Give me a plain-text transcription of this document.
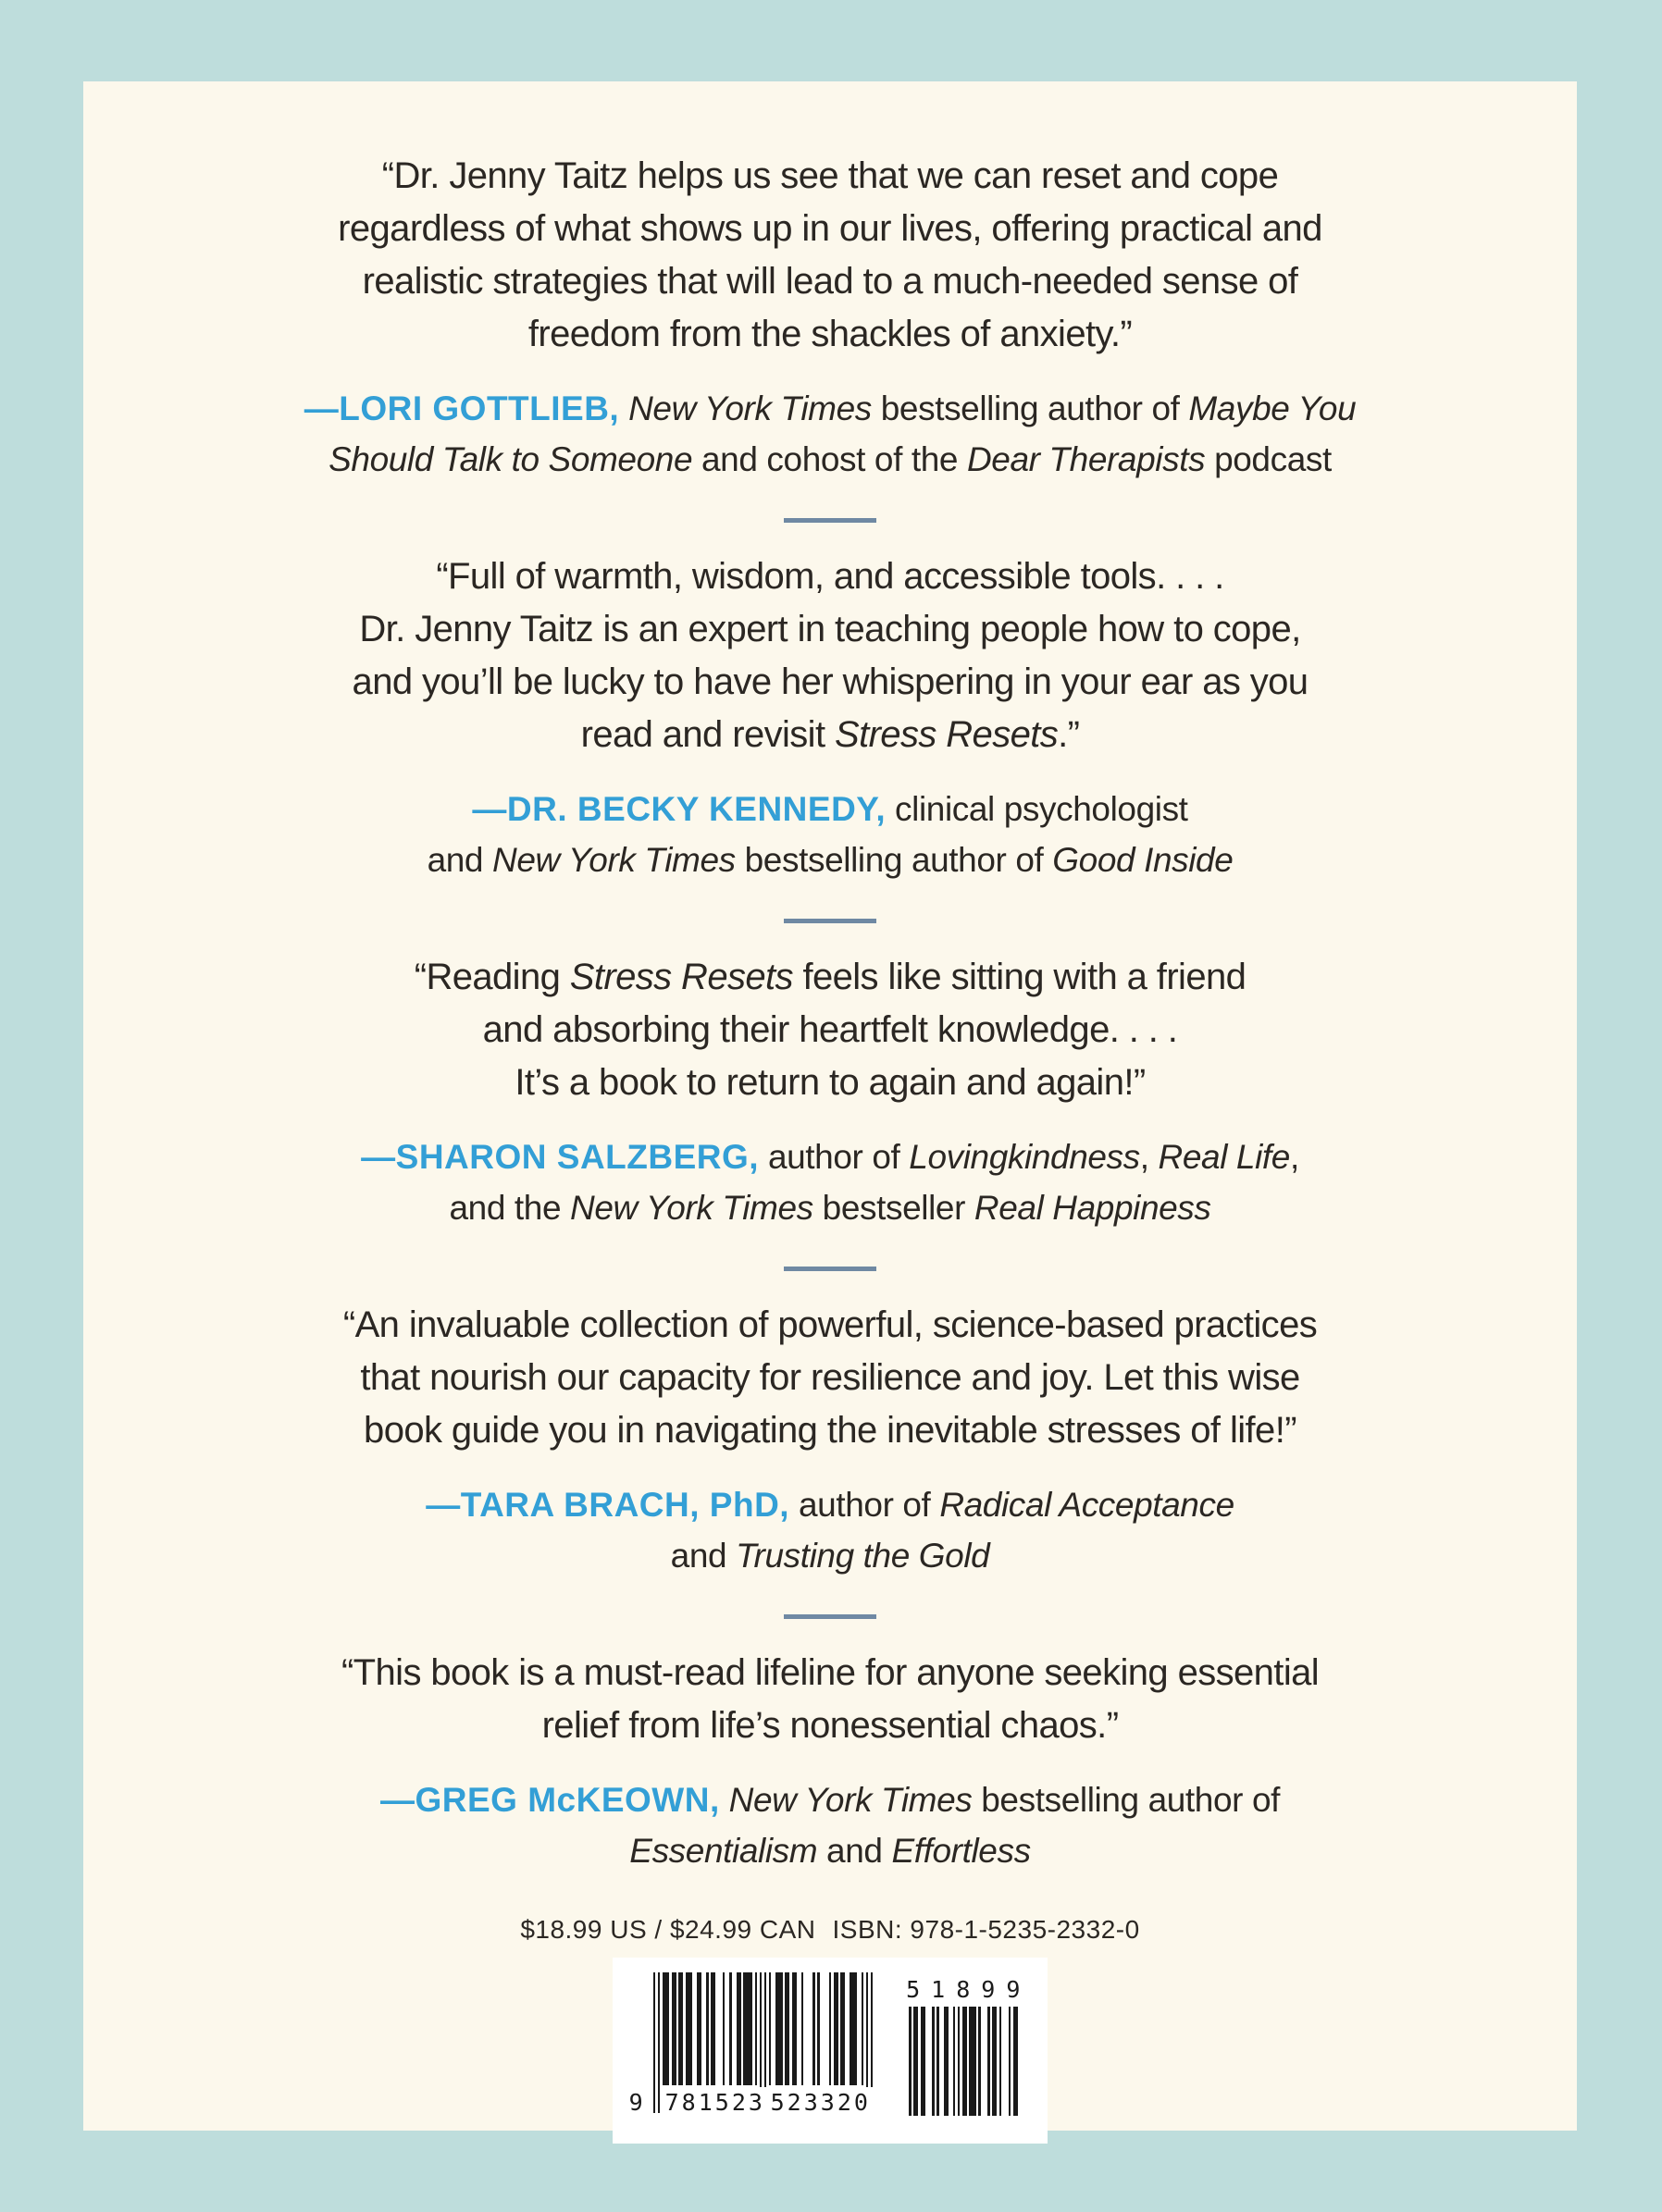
“Dr. Jenny Taitz helps us see that we can reset and cope
regardless of what shows up in our lives, offering practical and
realistic strategies that will lead to a much-needed sense of
freedom from the shackles of anxiety.”
—LORI GOTTLIEB, New York Times bestselling author of Maybe You
Should Talk to Someone and cohost of the Dear Therapists podcast
“Full of warmth, wisdom, and accessible tools. . . .
Dr. Jenny Taitz is an expert in teaching people how to cope,
and you’ll be lucky to have her whispering in your ear as you
read and revisit Stress Resets.”
—DR. BECKY KENNEDY, clinical psychologist
and New York Times bestselling author of Good Inside
“Reading Stress Resets feels like sitting with a friend
and absorbing their heartfelt knowledge. . . .
It’s a book to return to again and again!”
—SHARON SALZBERG, author of Lovingkindness, Real Life,
and the New York Times bestseller Real Happiness
“An invaluable collection of powerful, science-based practices
that nourish our capacity for resilience and joy. Let this wise
book guide you in navigating the inevitable stresses of life!”
—TARA BRACH, PhD, author of Radical Acceptance
and Trusting the Gold
“This book is a must-read lifeline for anyone seeking essential
relief from life’s nonessential chaos.”
—GREG McKEOWN, New York Times bestselling author of
Essentialism and Effortless
$18.99 US / $24.99 CAN ISBN: 978-1-5235-2332-0
9 781523 523320
51899
